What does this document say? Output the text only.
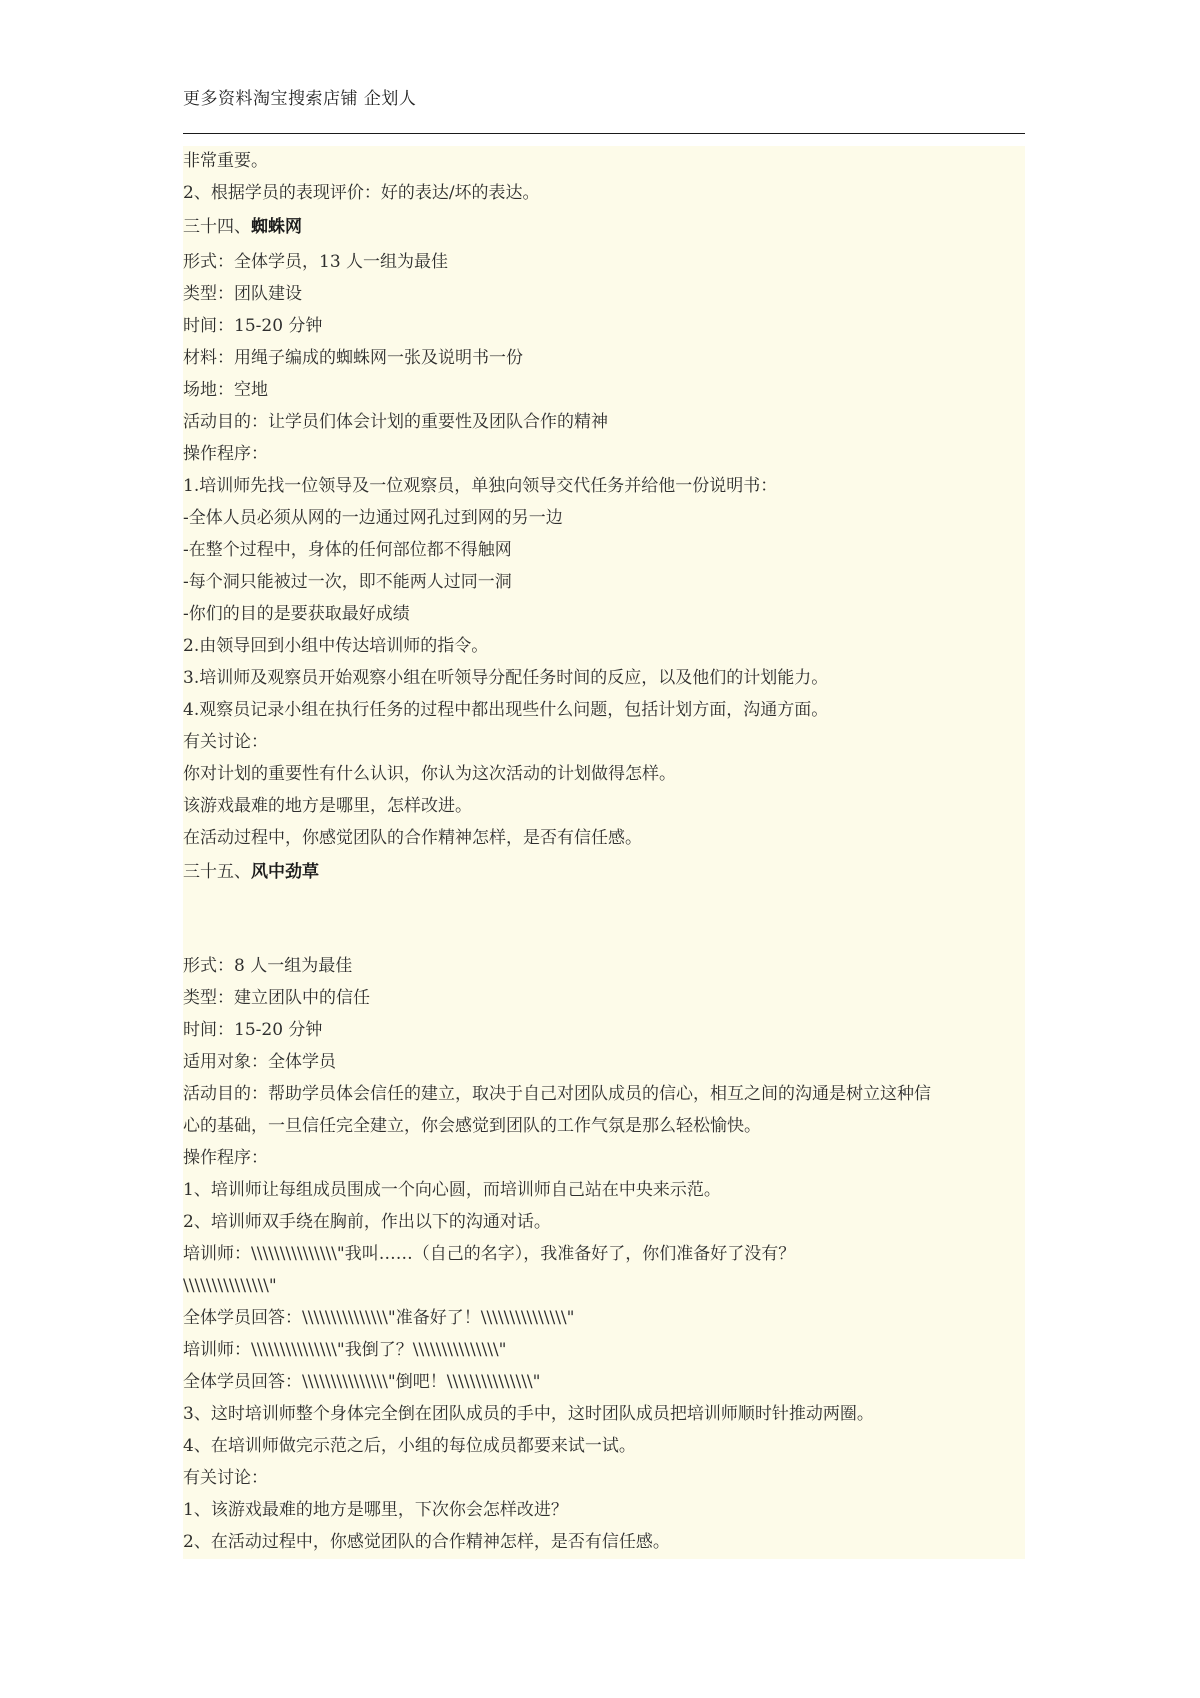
更多资料淘宝搜索店铺 企划人
非常重要。
2、根据学员的表现评价：好的表达/坏的表达。
三十四、蜘蛛网
形式：全体学员，13 人一组为最佳
类型：团队建设
时间：15-20 分钟
材料：用绳子编成的蜘蛛网一张及说明书一份
场地：空地
活动目的：让学员们体会计划的重要性及团队合作的精神
操作程序：
1.培训师先找一位领导及一位观察员，单独向领导交代任务并给他一份说明书：
-全体人员必须从网的一边通过网孔过到网的另一边
-在整个过程中，身体的任何部位都不得触网
-每个洞只能被过一次，即不能两人过同一洞
-你们的目的是要获取最好成绩
2.由领导回到小组中传达培训师的指令。
3.培训师及观察员开始观察小组在听领导分配任务时间的反应，以及他们的计划能力。
4.观察员记录小组在执行任务的过程中都出现些什么问题，包括计划方面，沟通方面。
有关讨论：
你对计划的重要性有什么认识，你认为这次活动的计划做得怎样。
该游戏最难的地方是哪里，怎样改进。
在活动过程中，你感觉团队的合作精神怎样，是否有信任感。
三十五、风中劲草
形式：8 人一组为最佳
类型：建立团队中的信任
时间：15-20 分钟
适用对象：全体学员
活动目的：帮助学员体会信任的建立，取决于自己对团队成员的信心，相互之间的沟通是树立这种信
心的基础，一旦信任完全建立，你会感觉到团队的工作气氛是那么轻松愉快。
操作程序：
1、培训师让每组成员围成一个向心圆，而培训师自己站在中央来示范。
2、培训师双手绕在胸前，作出以下的沟通对话。
培训师：\\\\\\\\\\\\\\\"我叫……（自己的名字），我准备好了，你们准备好了没有？
\\\\\\\\\\\\\\\"
全体学员回答：\\\\\\\\\\\\\\\"准备好了！\\\\\\\\\\\\\\\"
培训师：\\\\\\\\\\\\\\\"我倒了？\\\\\\\\\\\\\\\"
全体学员回答：\\\\\\\\\\\\\\\"倒吧！\\\\\\\\\\\\\\\"
3、这时培训师整个身体完全倒在团队成员的手中，这时团队成员把培训师顺时针推动两圈。
4、在培训师做完示范之后，小组的每位成员都要来试一试。
有关讨论：
1、该游戏最难的地方是哪里，下次你会怎样改进？
2、在活动过程中，你感觉团队的合作精神怎样，是否有信任感。
